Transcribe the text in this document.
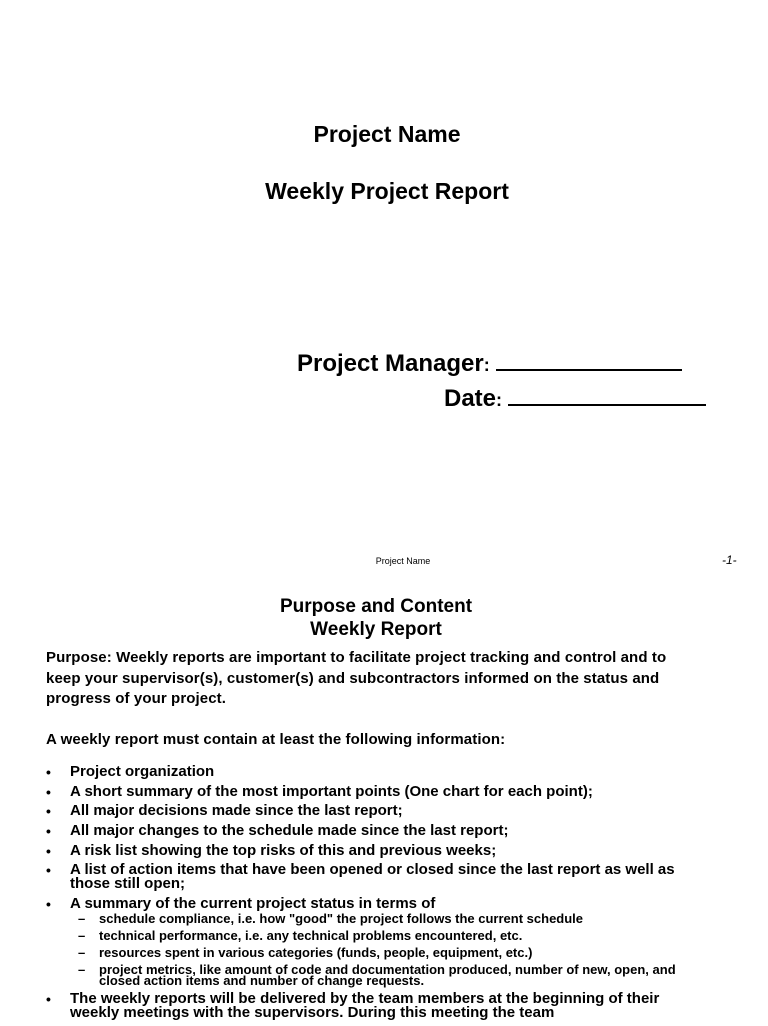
Project Name
Weekly Project Report
Project Manager:
Date:
Project Name	-1-
Purpose and Content
Weekly Report
Purpose: Weekly reports are important to facilitate project tracking and control and to keep your supervisor(s), customer(s) and subcontractors informed on the status and progress of your project.
A weekly report must contain at least the following information:
• Project organization
• A short summary of the most important points (One chart for each point);
• All major decisions made since the last report;
• All major changes to the schedule made since the last report;
• A risk list showing the top risks of this and previous weeks;
• A list of action items that have been opened or closed since the last report as well as those still open;
• A summary of the current project status in terms of
– schedule compliance, i.e. how "good" the project follows the current schedule
– technical performance, i.e. any technical problems encountered, etc.
– resources spent in various categories (funds, people, equipment, etc.)
– project metrics, like amount of code and documentation produced, number of new, open, and closed action items and number of change requests.
• The weekly reports will be delivered by the team members at the beginning of their weekly meetings with the supervisors. During this meeting the team
